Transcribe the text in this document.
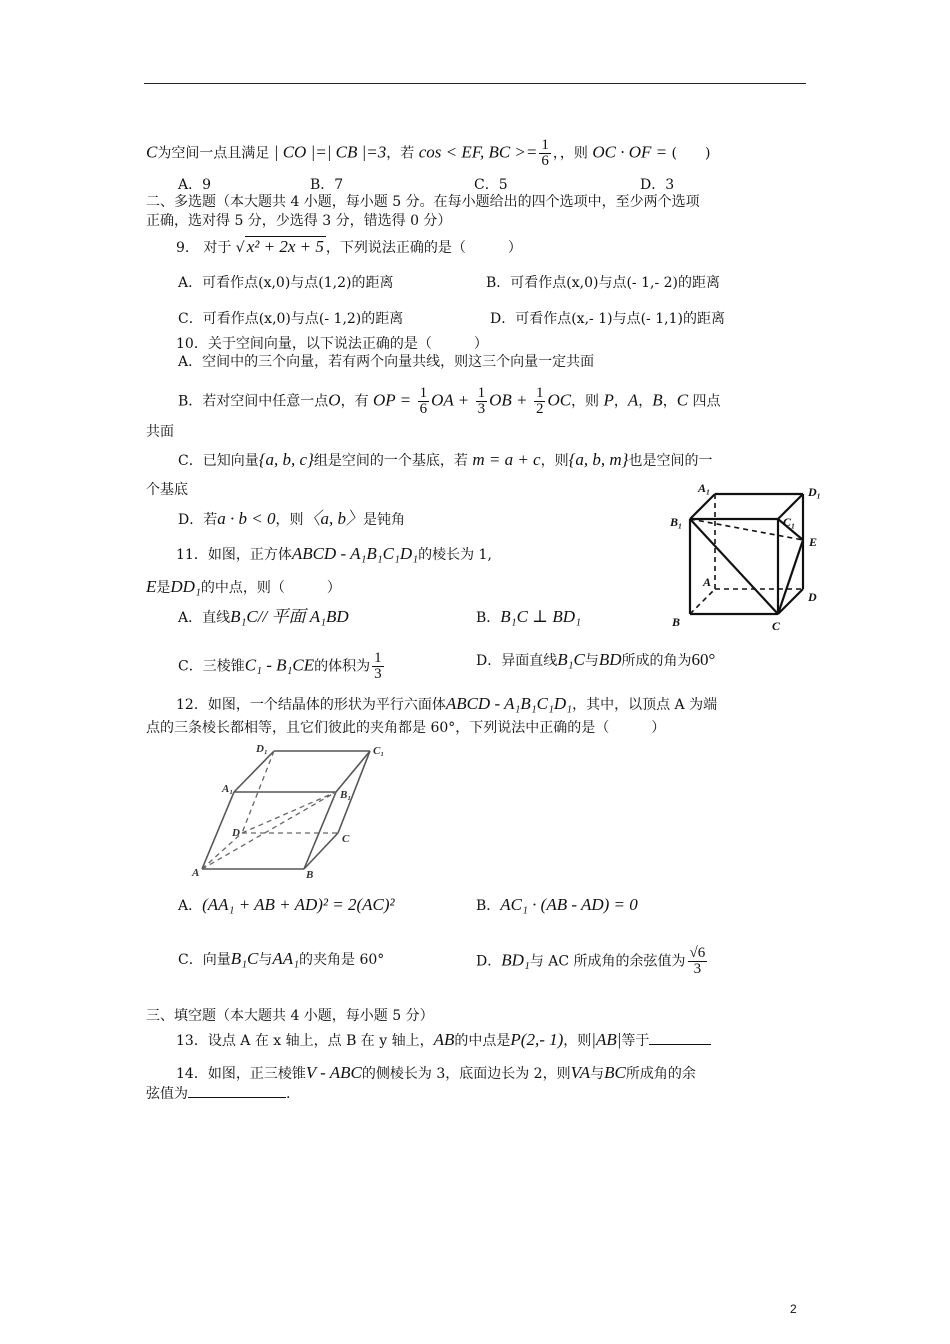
C为空间一点且满足 | CO |=| CB |=3，若 cos < EF, BC >= $\frac{1}{6}$ ，，则 OC · OF = (　　)
A．9	B．7	C．5	D．3
二、多选题（本大题共 4 小题，每小题 5 分。在每小题给出的四个选项中，至少两个选项
正确，选对得 5 分，少选得 3 分，错选得 0 分）
9.　对于 √ x² + 2x + 5 ，下列说法正确的是（　　　）
A．可看作点(x,0)与点(1,2)的距离	B．可看作点(x,0)与点(- 1,- 2)的距离
C．可看作点(x,0)与点(- 1,2)的距离	D．可看作点(x,- 1)与点(- 1,1)的距离
10．关于空间向量，以下说法正确的是（　　　）
A．空间中的三个向量，若有两个向量共线，则这三个向量一定共面
B．若对空间中任意一点O，有 OP = $\frac{1}{6}$ OA + $\frac{1}{3}$ OB + $\frac{1}{2}$ OC，则 P，A，B，C 四点
共面
C．已知向量{a, b, c}组是空间的一个基底，若 m = a + c，则{a, b, m}也是空间的一
个基底
D．若a · b < 0，则〈a, b〉是钝角
11．如图，正方体ABCD - A₁B₁C₁D₁的棱长为 1,
E是DD₁的中点，则（　　　）
A．直线B₁C// 平面 A₁BD	B．B₁C ⊥ BD₁
C．三棱锥C₁ - B₁CE的体积为 $\frac{1}{3}$	D．异面直线B₁C与BD所成的角为60°
A₁	D₁
B₁	C₁
E
A
D
B	C
12．如图，一个结晶体的形状为平行六面体ABCD - A₁B₁C₁D₁，其中，以顶点 A 为端
点的三条棱长都相等，且它们彼此的夹角都是 60°，下列说法中正确的是（　　　）
D₁	C₁
A₁	B₁
D	C
A	B
A．(AA₁ + AB + AD)² = 2(AC)²	B．AC₁ · (AB - AD) = 0
C．向量B₁C与AA₁的夹角是 60°	D．BD₁与 AC 所成角的余弦值为 $\frac{√6}{3}$
三、填空题（本大题共 4 小题，每小题 5 分）
13．设点 A 在 x 轴上，点 B 在 y 轴上，AB的中点是P(2,- 1)，则|AB|等于
14．如图，正三棱锥V - ABC的侧棱长为 3，底面边长为 2，则VA与BC所成角的余
弦值为	.
2
